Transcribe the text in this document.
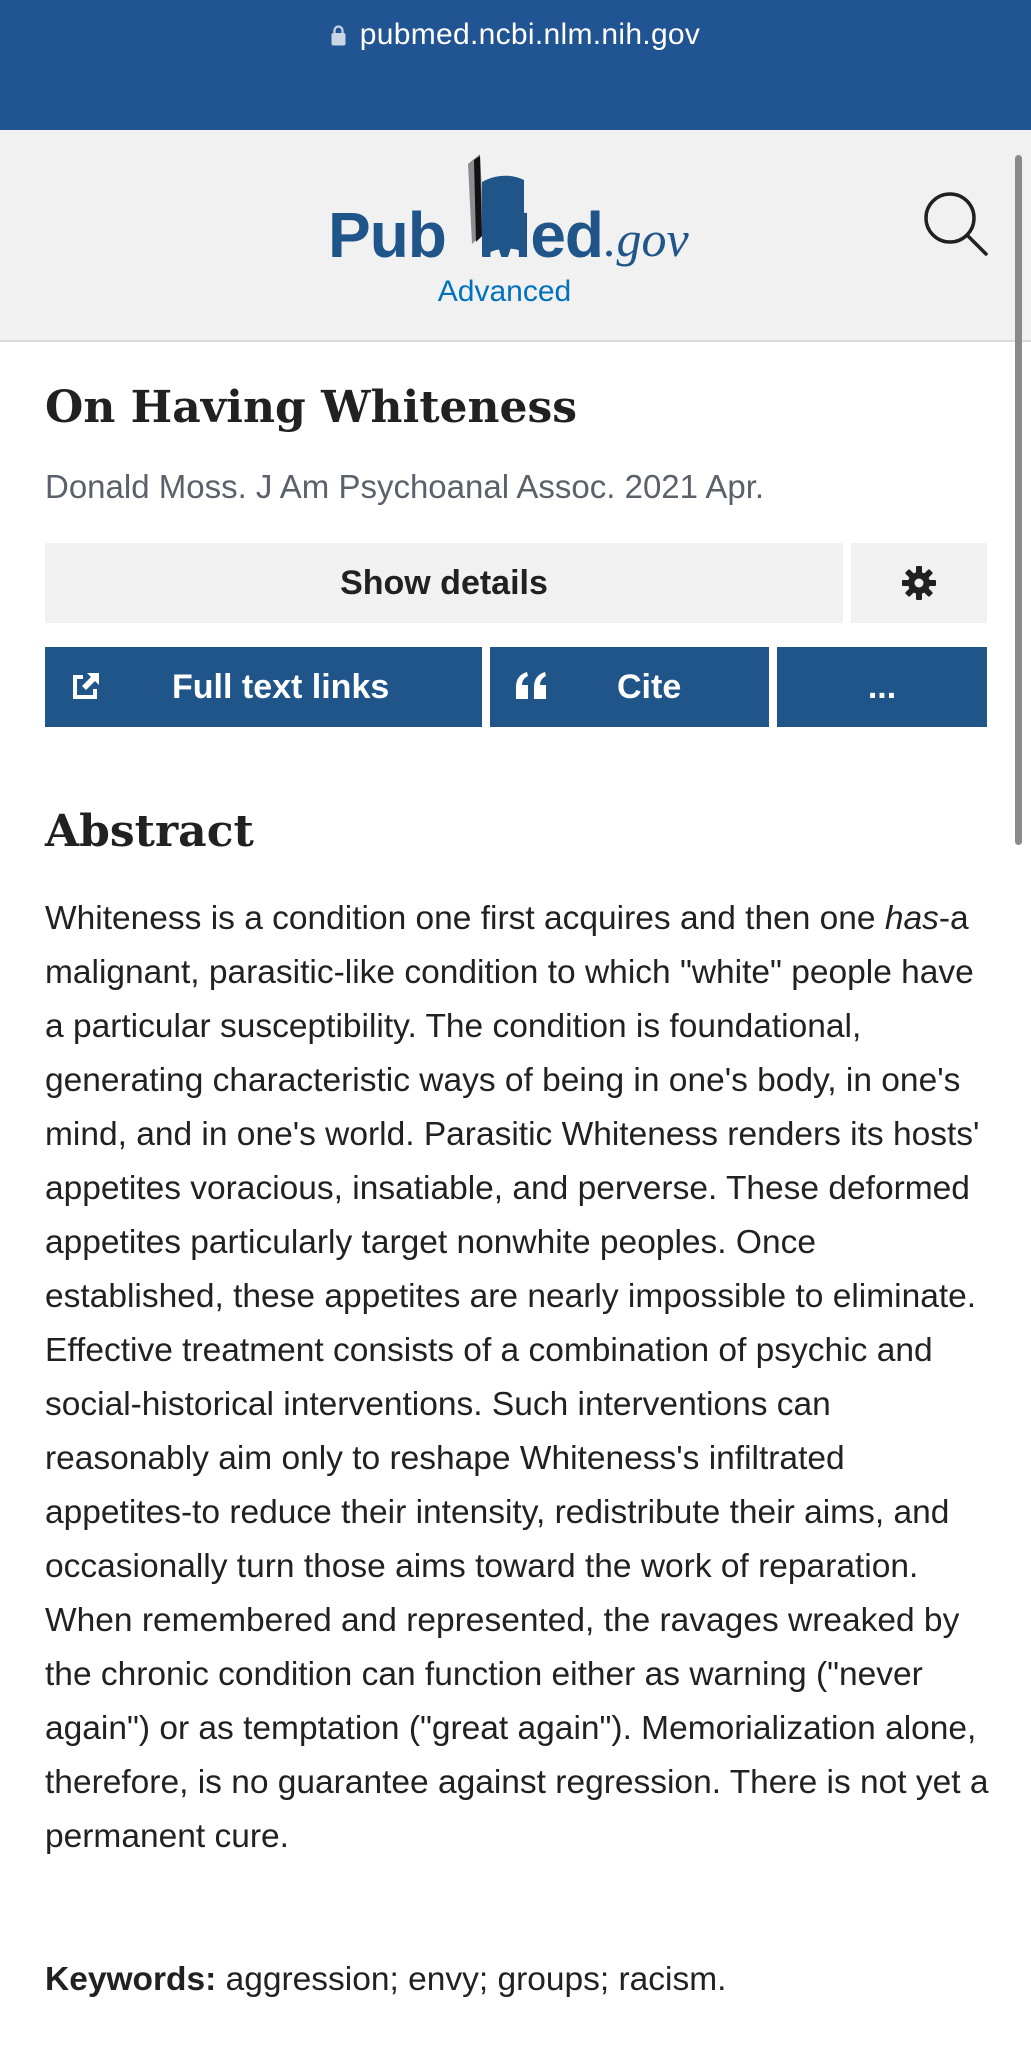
pubmed.ncbi.nlm.nih.gov
Pub Med .gov
Advanced
On Having Whiteness
Donald Moss. J Am Psychoanal Assoc. 2021 Apr.
Show details
Full text links	Cite	...
Abstract
Whiteness is a condition one first acquires and then one has-a malignant, parasitic-like condition to which "white" people have a particular susceptibility. The condition is foundational, generating characteristic ways of being in one's body, in one's mind, and in one's world. Parasitic Whiteness renders its hosts' appetites voracious, insatiable, and perverse. These deformed appetites particularly target nonwhite peoples. Once established, these appetites are nearly impossible to eliminate. Effective treatment consists of a combination of psychic and social-historical interventions. Such interventions can reasonably aim only to reshape Whiteness's infiltrated appetites-to reduce their intensity, redistribute their aims, and occasionally turn those aims toward the work of reparation. When remembered and represented, the ravages wreaked by the chronic condition can function either as warning ("never again") or as temptation ("great again"). Memorialization alone, therefore, is no guarantee against regression. There is not yet a permanent cure.
Keywords: aggression; envy; groups; racism.
